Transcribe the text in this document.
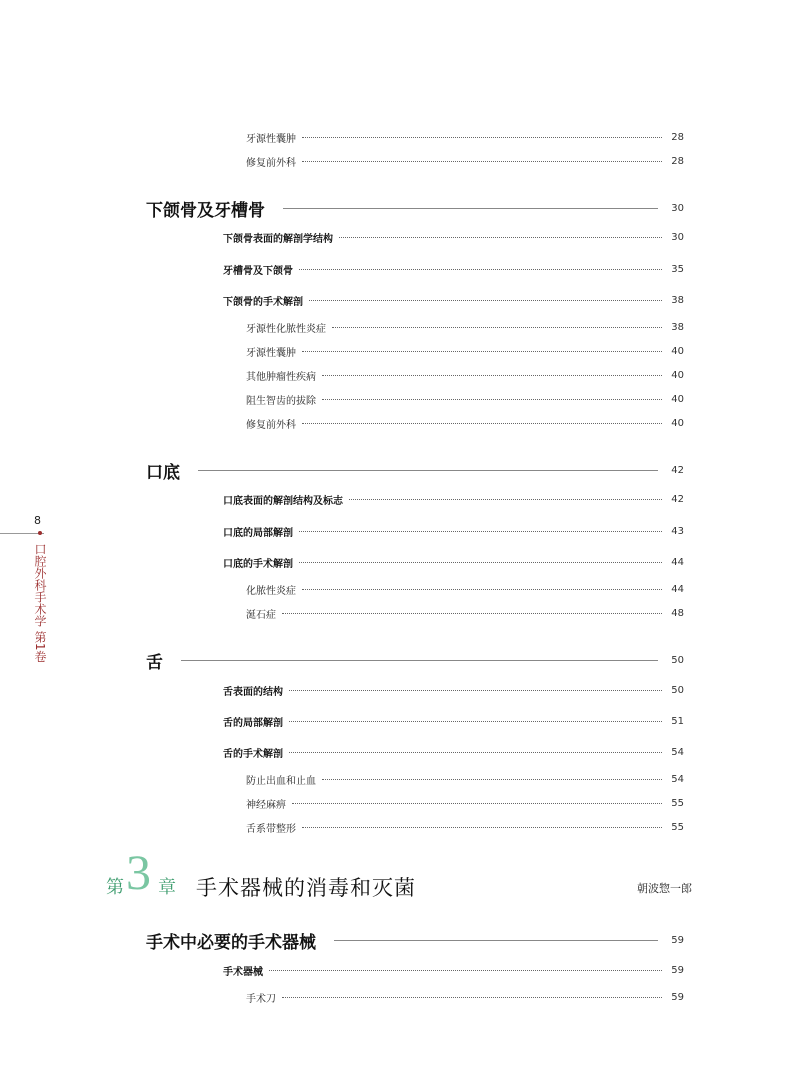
8
口腔外科手术学 第1卷
牙源性囊肿	28
修复前外科	28
下颌骨及牙槽骨	30
下颌骨表面的解剖学结构	30
牙槽骨及下颌骨	35
下颌骨的手术解剖	38
牙源性化脓性炎症	38
牙源性囊肿	40
其他肿瘤性疾病	40
阻生智齿的拔除	40
修复前外科	40
口底	42
口底表面的解剖结构及标志	42
口底的局部解剖	43
口底的手术解剖	44
化脓性炎症	44
涎石症	48
舌	50
舌表面的结构	50
舌的局部解剖	51
舌的手术解剖	54
防止出血和止血	54
神经麻痹	55
舌系带整形	55
手术中必要的手术器械	59
手术器械	59
手术刀	59
第 3 章 手术器械的消毒和灭菌	朝波惣一郎
